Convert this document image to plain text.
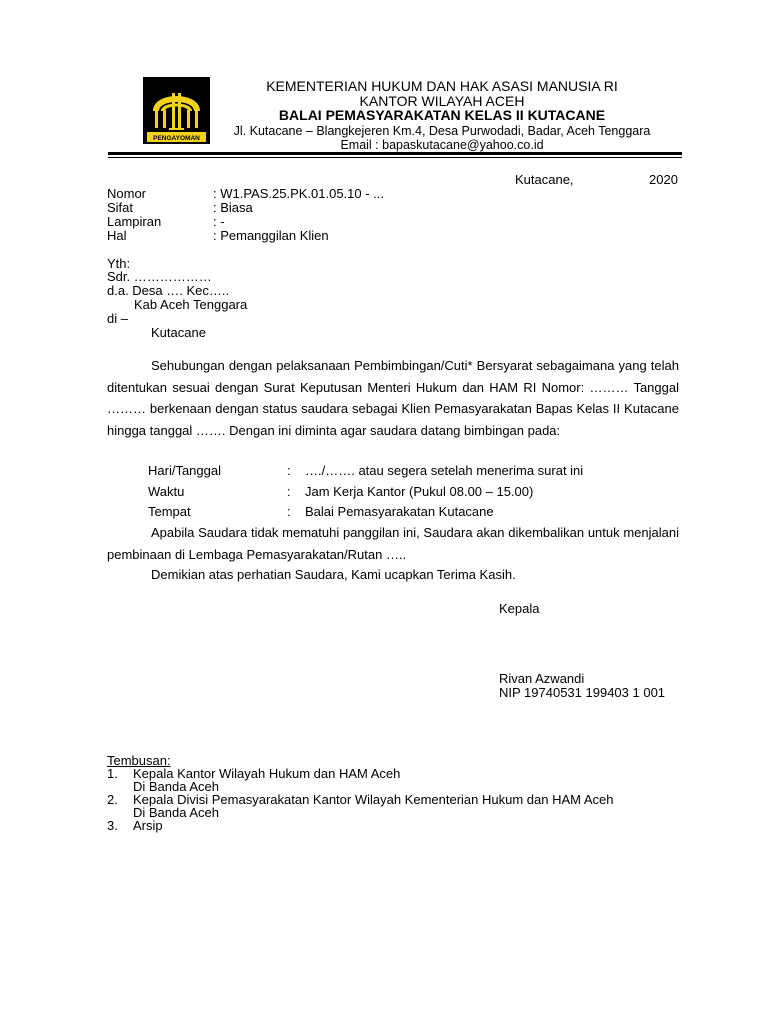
PENGAYOMAN
KEMENTERIAN HUKUM DAN HAK ASASI MANUSIA RI
KANTOR WILAYAH ACEH
BALAI PEMASYARAKATAN KELAS II KUTACANE
Jl. Kutacane – Blangkejeren Km.4, Desa Purwodadi, Badar, Aceh Tenggara
Email : bapaskutacane@yahoo.co.id
Kutacane,	2020
Nomor	: W1.PAS.25.PK.01.05.10 - ...
Sifat	: Biasa
Lampiran	: -
Hal	: Pemanggilan Klien
Yth:
Sdr. ………………
d.a. Desa …. Kec…..
Kab Aceh Tenggara
di –
Kutacane
Sehubungan dengan pelaksanaan Pembimbingan/Cuti* Bersyarat sebagaimana yang telah ditentukan sesuai dengan Surat Keputusan Menteri Hukum dan HAM RI Nomor: ……… Tanggal ……… berkenaan dengan status saudara sebagai Klien Pemasyarakatan Bapas Kelas II Kutacane hingga tanggal ……. Dengan ini diminta agar saudara datang bimbingan pada:
Hari/Tanggal	: …./……. atau segera setelah menerima surat ini
Waktu	: Jam Kerja Kantor (Pukul 08.00 – 15.00)
Tempat	: Balai Pemasyarakatan Kutacane
Apabila Saudara tidak mematuhi panggilan ini, Saudara akan dikembalikan untuk menjalani pembinaan di Lembaga Pemasyarakatan/Rutan …..
Demikian atas perhatian Saudara, Kami ucapkan Terima Kasih.
Kepala
Rivan Azwandi
NIP 19740531 199403 1 001
Tembusan:
1. Kepala Kantor Wilayah Hukum dan HAM Aceh
Di Banda Aceh
2. Kepala Divisi Pemasyarakatan Kantor Wilayah Kementerian Hukum dan HAM Aceh
Di Banda Aceh
3. Arsip
